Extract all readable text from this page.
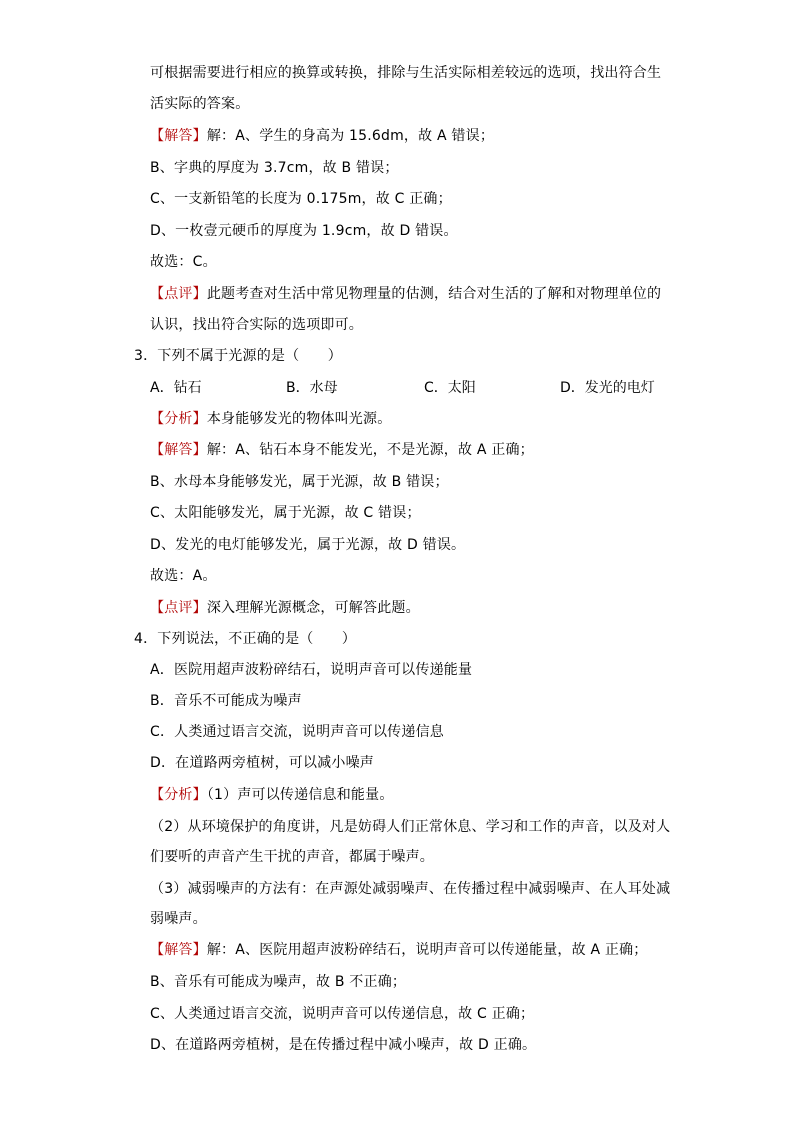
可根据需要进行相应的换算或转换，排除与生活实际相差较远的选项，找出符合生
活实际的答案。
【解答】解：A、学生的身高为 15.6dm，故 A 错误；
B、字典的厚度为 3.7cm，故 B 错误；
C、一支新铅笔的长度为 0.175m，故 C 正确；
D、一枚壹元硬币的厚度为 1.9cm，故 D 错误。
故选：C。
【点评】此题考查对生活中常见物理量的估测，结合对生活的了解和对物理单位的
认识，找出符合实际的选项即可。
3．下列不属于光源的是（　　）
A．钻石	B．水母	C．太阳	D．发光的电灯
【分析】本身能够发光的物体叫光源。
【解答】解：A、钻石本身不能发光，不是光源，故 A 正确；
B、水母本身能够发光，属于光源，故 B 错误；
C、太阳能够发光，属于光源，故 C 错误；
D、发光的电灯能够发光，属于光源，故 D 错误。
故选：A。
【点评】深入理解光源概念，可解答此题。
4．下列说法，不正确的是（　　）
A．医院用超声波粉碎结石，说明声音可以传递能量
B．音乐不可能成为噪声
C．人类通过语言交流，说明声音可以传递信息
D．在道路两旁植树，可以减小噪声
【分析】（1）声可以传递信息和能量。
（2）从环境保护的角度讲，凡是妨碍人们正常休息、学习和工作的声音，以及对人
们要听的声音产生干扰的声音，都属于噪声。
（3）减弱噪声的方法有：在声源处减弱噪声、在传播过程中减弱噪声、在人耳处减
弱噪声。
【解答】解：A、医院用超声波粉碎结石，说明声音可以传递能量，故 A 正确；
B、音乐有可能成为噪声，故 B 不正确；
C、人类通过语言交流，说明声音可以传递信息，故 C 正确；
D、在道路两旁植树，是在传播过程中减小噪声，故 D 正确。
